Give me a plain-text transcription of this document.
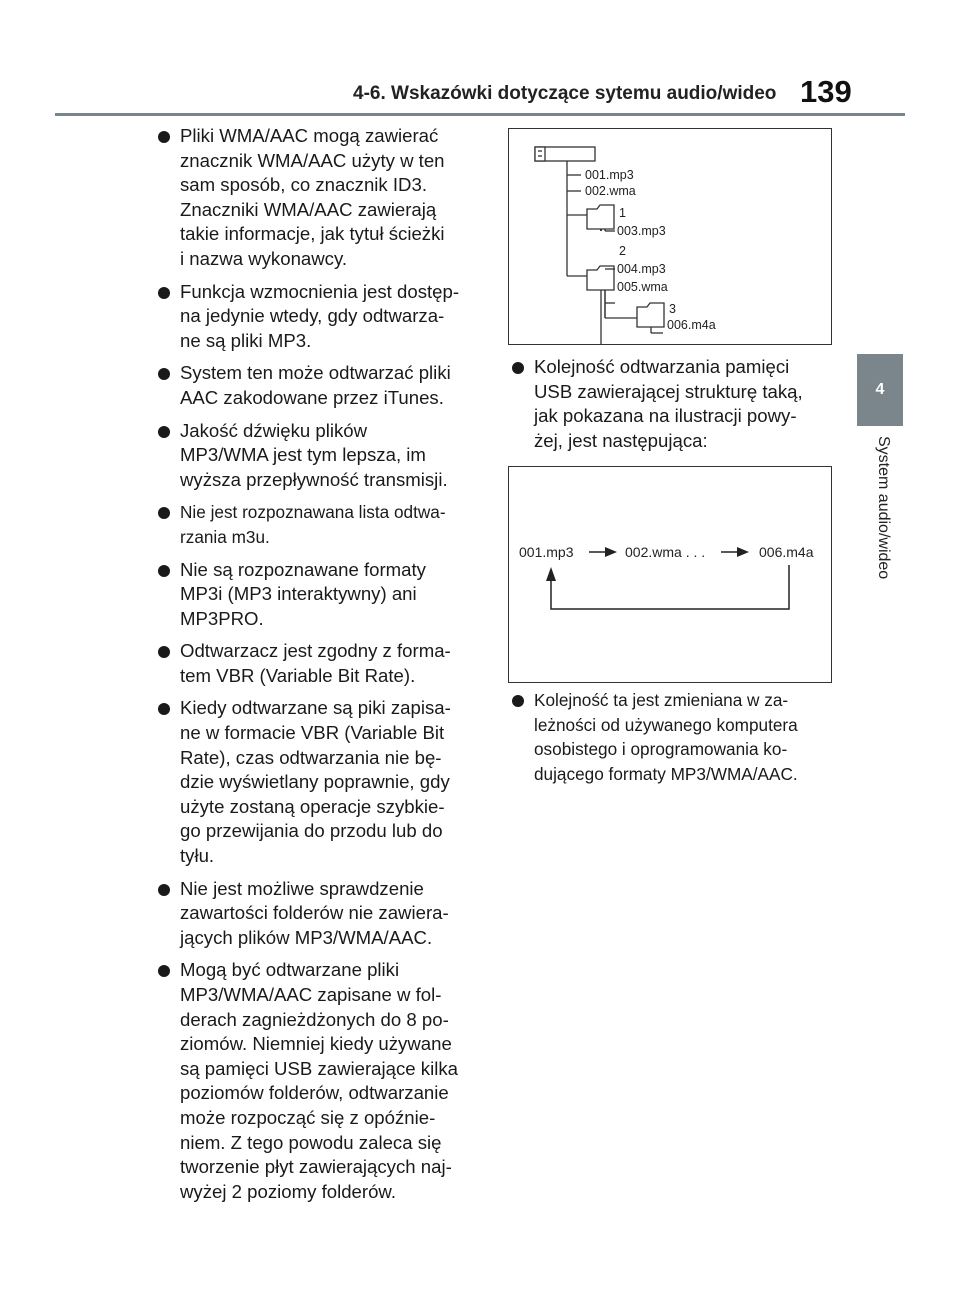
4-6. Wskazówki dotyczące sytemu audio/wideo 139
4
System audio/wideo
Pliki WMA/AAC mogą zawierać
znacznik WMA/AAC użyty w ten
sam sposób, co znacznik ID3.
Znaczniki WMA/AAC zawierają
takie informacje, jak tytuł ścieżki
i nazwa wykonawcy.
Funkcja wzmocnienia jest dostęp-
na jedynie wtedy, gdy odtwarza-
ne są pliki MP3.
System ten może odtwarzać pliki
AAC zakodowane przez iTunes.
Jakość dźwięku plików
MP3/WMA jest tym lepsza, im
wyższa przepływność transmisji.
Nie jest rozpoznawana lista odtwa-
rzania m3u.
Nie są rozpoznawane formaty
MP3i (MP3 interaktywny) ani
MP3PRO.
Odtwarzacz jest zgodny z forma-
tem VBR (Variable Bit Rate).
Kiedy odtwarzane są piki zapisa-
ne w formacie VBR (Variable Bit
Rate), czas odtwarzania nie bę-
dzie wyświetlany poprawnie, gdy
użyte zostaną operacje szybkie-
go przewijania do przodu lub do
tyłu.
Nie jest możliwe sprawdzenie
zawartości folderów nie zawiera-
jących plików MP3/WMA/AAC.
Mogą być odtwarzane pliki
MP3/WMA/AAC zapisane w fol-
derach zagnieżdżonych do 8 po-
ziomów. Niemniej kiedy używane
są pamięci USB zawierające kilka
poziomów folderów, odtwarzanie
może rozpocząć się z opóźnie-
niem. Z tego powodu zaleca się
tworzenie płyt zawierających naj-
wyżej 2 poziomy folderów.
001.mp3
002.wma
1
003.mp3
2
004.mp3
005.wma
3
006.m4a
Kolejność odtwarzania pamięci
USB zawierającej strukturę taką,
jak pokazana na ilustracji powy-
żej, jest następująca:
001.mp3	002.wma . . .	006.m4a
Kolejność ta jest zmieniana w za-
leżności od używanego komputera
osobistego i oprogramowania ko-
dującego formaty MP3/WMA/AAC.
